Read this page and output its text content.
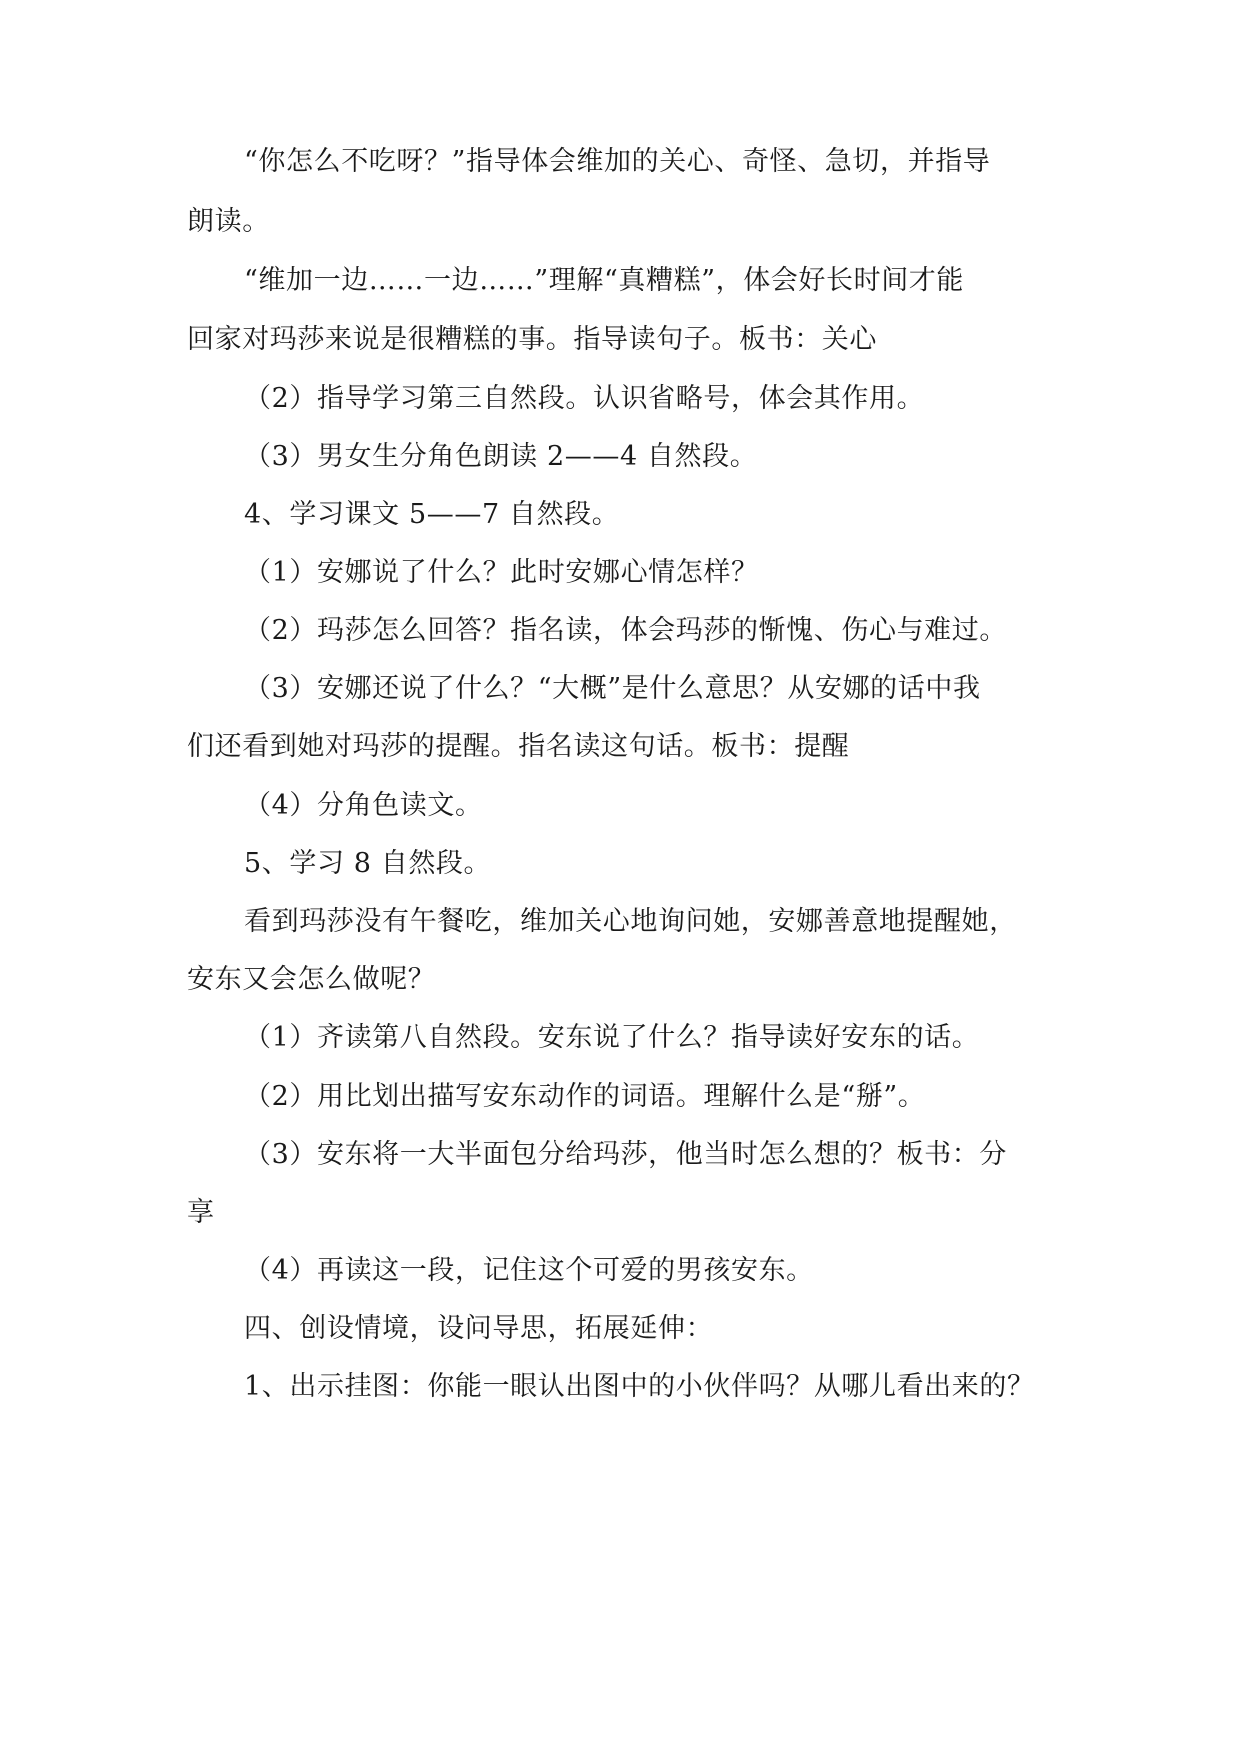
“你怎么不吃呀？”指导体会维加的关心、奇怪、急切，并指导
朗读。
“维加一边……一边……”理解“真糟糕”，体会好长时间才能
回家对玛莎来说是很糟糕的事。指导读句子。板书：关心
（2）指导学习第三自然段。认识省略号，体会其作用。
（3）男女生分角色朗读 2——4 自然段。
4、学习课文 5——7 自然段。
（1）安娜说了什么？此时安娜心情怎样？
（2）玛莎怎么回答？指名读，体会玛莎的惭愧、伤心与难过。
（3）安娜还说了什么？“大概”是什么意思？从安娜的话中我
们还看到她对玛莎的提醒。指名读这句话。板书：提醒
（4）分角色读文。
5、学习 8 自然段。
看到玛莎没有午餐吃，维加关心地询问她，安娜善意地提醒她，
安东又会怎么做呢？
（1）齐读第八自然段。安东说了什么？指导读好安东的话。
（2）用比划出描写安东动作的词语。理解什么是“掰”。
（3）安东将一大半面包分给玛莎，他当时怎么想的？板书：分
享
（4）再读这一段，记住这个可爱的男孩安东。
四、创设情境，设问导思，拓展延伸：
1、出示挂图：你能一眼认出图中的小伙伴吗？从哪儿看出来的？
